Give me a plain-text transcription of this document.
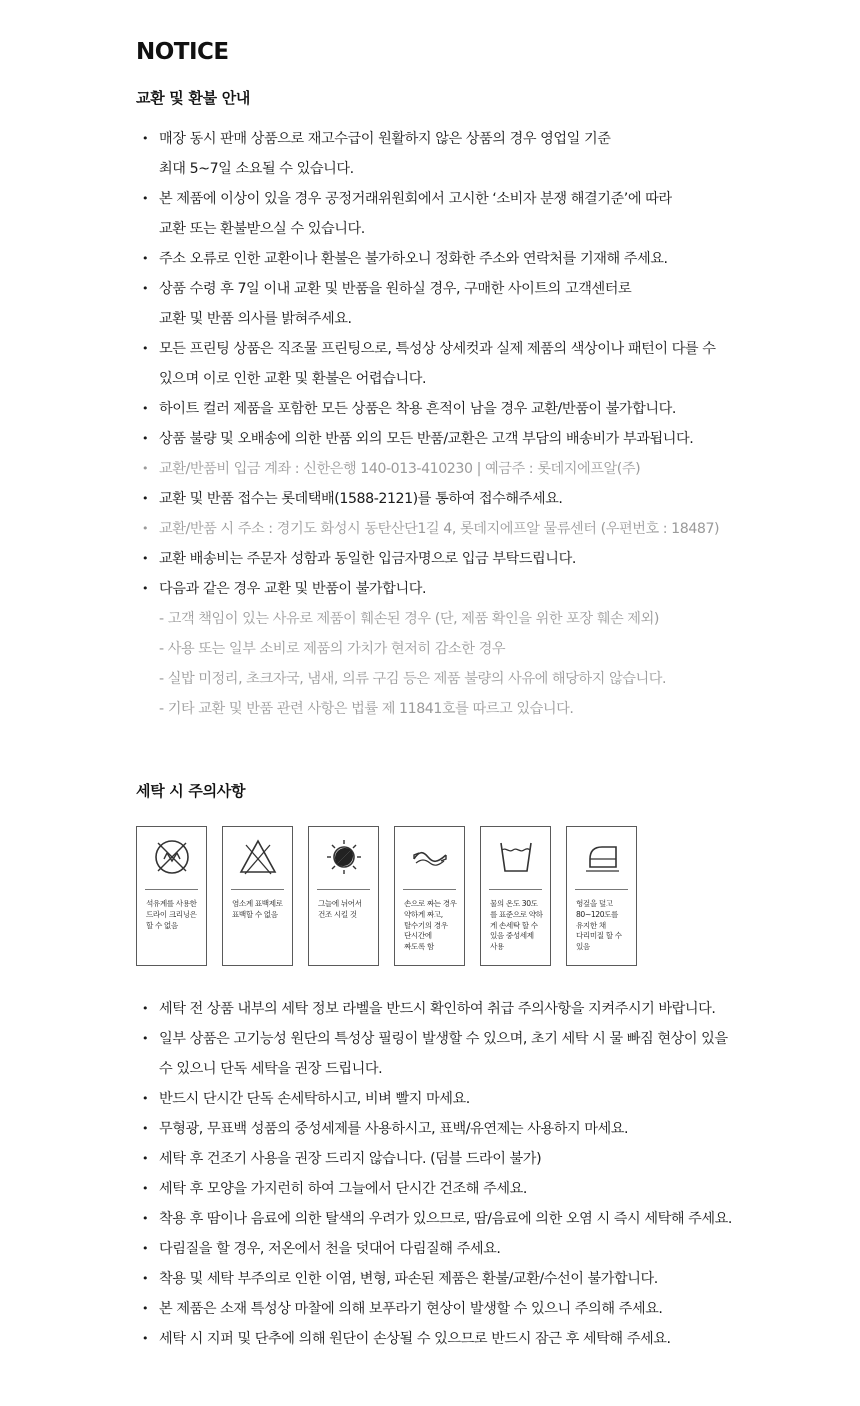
NOTICE
교환 및 환불 안내
• 매장 동시 판매 상품으로 재고수급이 원활하지 않은 상품의 경우 영업일 기준
최대 5~7일 소요될 수 있습니다.
• 본 제품에 이상이 있을 경우 공정거래위원회에서 고시한 ‘소비자 분쟁 해결기준’에 따라
교환 또는 환불받으실 수 있습니다.
• 주소 오류로 인한 교환이나 환불은 불가하오니 정화한 주소와 연락처를 기재해 주세요.
• 상품 수령 후 7일 이내 교환 및 반품을 원하실 경우, 구매한 사이트의 고객센터로
교환 및 반품 의사를 밝혀주세요.
• 모든 프린팅 상품은 직조물 프린팅으로, 특성상 상세컷과 실제 제품의 색상이나 패턴이 다를 수
있으며 이로 인한 교환 및 환불은 어렵습니다.
• 하이트 컬러 제품을 포함한 모든 상품은 착용 흔적이 남을 경우 교환/반품이 불가합니다.
• 상품 불량 및 오배송에 의한 반품 외의 모든 반품/교환은 고객 부담의 배송비가 부과됩니다.
• 교환/반품비 입금 계좌 : 신한은행 140-013-410230 | 예금주 : 롯데지에프알(주)
• 교환 및 반품 접수는 롯데택배(1588-2121)를 통하여 접수해주세요.
• 교환/반품 시 주소 : 경기도 화성시 동탄산단1길 4, 롯데지에프알 물류센터 (우편번호 : 18487)
• 교환 배송비는 주문자 성함과 동일한 입금자명으로 입금 부탁드립니다.
• 다음과 같은 경우 교환 및 반품이 불가합니다.
- 고객 책임이 있는 사유로 제품이 훼손된 경우 (단, 제품 확인을 위한 포장 훼손 제외)
- 사용 또는 일부 소비로 제품의 가치가 현저히 감소한 경우
- 실밥 미정리, 초크자국, 냄새, 의류 구김 등은 제품 불량의 사유에 해당하지 않습니다.
- 기타 교환 및 반품 관련 사항은 법률 제 11841호를 따르고 있습니다.
세탁 시 주의사항
석유계를 사용한
드라이 크리닝은
할 수 없음
염소계 표백제로
표백할 수 없음
그늘에 뉘어서
건조 시킬 것
손으로 짜는 경우
약하게 짜고,
탈수기의 경우
단시간에
짜도록 함
물의 온도 30도
를 표준으로 약하
게 손세탁 할 수
있음 중성세제
사용
헝겊을 덮고
80~120도를
유지한 채
다리미질 할 수
있음
• 세탁 전 상품 내부의 세탁 정보 라벨을 반드시 확인하여 취급 주의사항을 지켜주시기 바랍니다.
• 일부 상품은 고기능성 원단의 특성상 필링이 발생할 수 있으며, 초기 세탁 시 물 빠짐 현상이 있을
수 있으니 단독 세탁을 권장 드립니다.
• 반드시 단시간 단독 손세탁하시고, 비벼 빨지 마세요.
• 무형광, 무표백 성품의 중성세제를 사용하시고, 표백/유연제는 사용하지 마세요.
• 세탁 후 건조기 사용을 권장 드리지 않습니다. (덤블 드라이 불가)
• 세탁 후 모양을 가지런히 하여 그늘에서 단시간 건조해 주세요.
• 착용 후 땀이나 음료에 의한 탈색의 우려가 있으므로, 땀/음료에 의한 오염 시 즉시 세탁해 주세요.
• 다림질을 할 경우, 저온에서 천을 덧대어 다림질해 주세요.
• 착용 및 세탁 부주의로 인한 이염, 변형, 파손된 제품은 환불/교환/수선이 불가합니다.
• 본 제품은 소재 특성상 마찰에 의해 보푸라기 현상이 발생할 수 있으니 주의해 주세요.
• 세탁 시 지퍼 및 단추에 의해 원단이 손상될 수 있으므로 반드시 잠근 후 세탁해 주세요.
